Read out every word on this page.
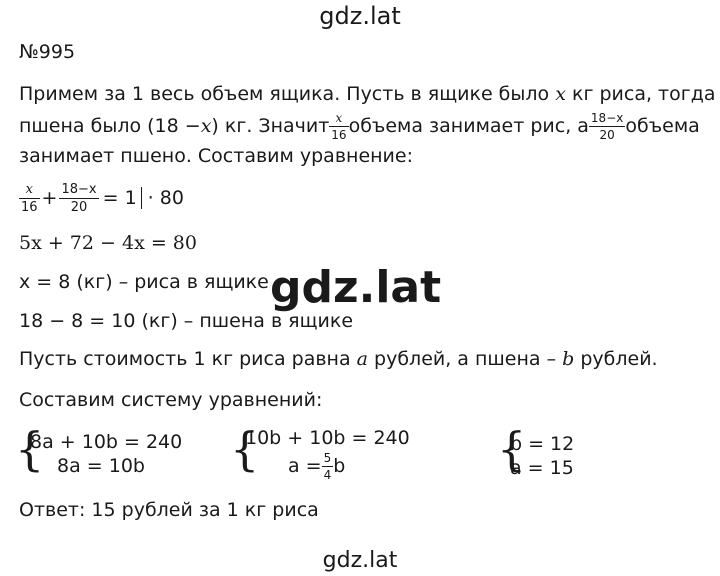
gdz.lat
№995
Примем за 1 весь объем ящика. Пусть в ящике было x кг риса, тогда
пшена было (18 − x ) кг. Значит $\frac{x}{16}$ объема занимает рис, а $\frac{18-x}{20}$ объема
занимает пшено. Составим уравнение:
$\frac{x}{16} + \frac{18-x}{20} = 1 \cdot 80$
5x + 72 − 4x = 80
x = 8 (кг) – риса в ящике gdz.lat
18 − 8 = 10 (кг) – пшена в ящике
Пусть стоимость 1 кг риса равна a рублей, а пшена – b рублей.
Составим систему уравнений:
{
8a + 10b = 240
8a = 10b {
10b + 10b = 240
$a = \frac{5}{4}$ b	{
b = 12
a = 15
Ответ: 15 рублей за 1 кг риса
gdz.lat
